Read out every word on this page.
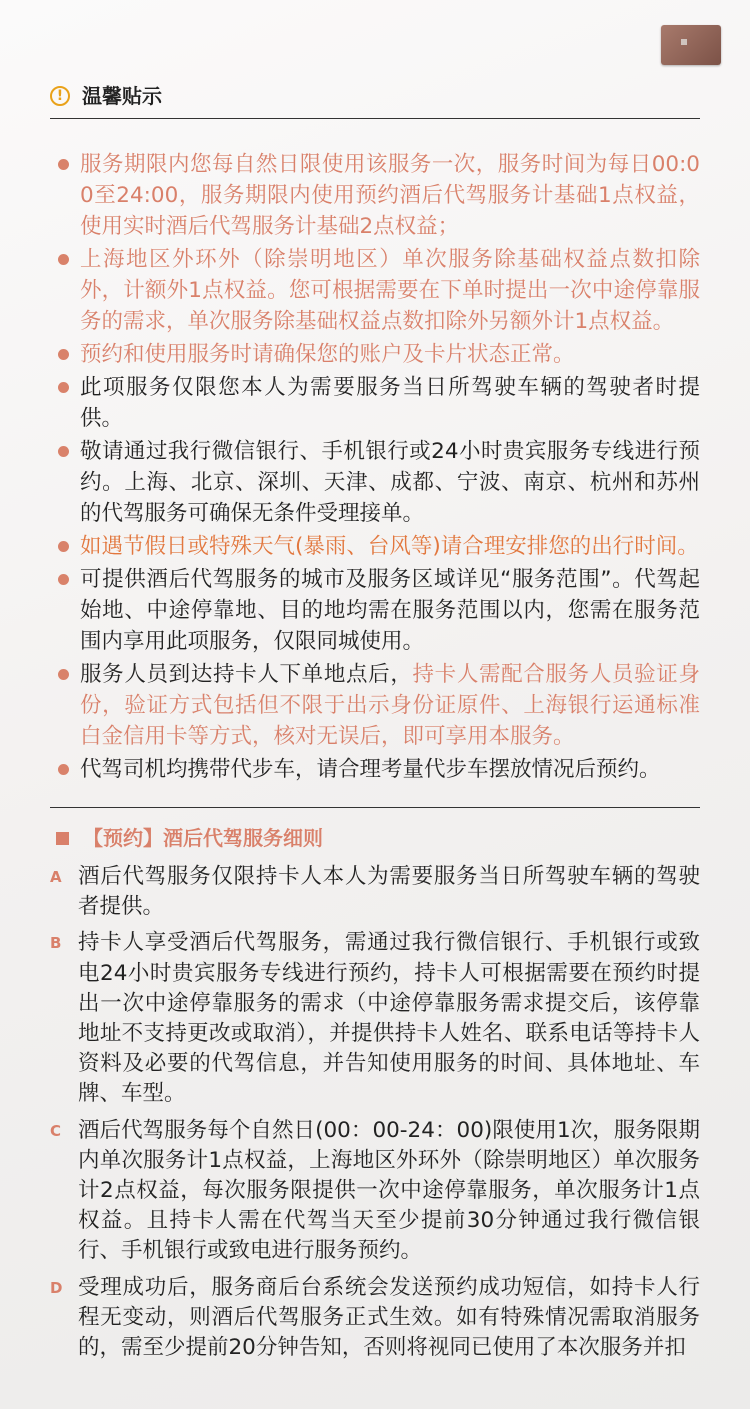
! 温馨贴示
服务期限内您每自然日限使用该服务一次，服务时间为每日00:00至24:00，服务期限内使用预约酒后代驾服务计基础1点权益，使用实时酒后代驾服务计基础2点权益；
上海地区外环外（除崇明地区）单次服务除基础权益点数扣除外，计额外1点权益。您可根据需要在下单时提出一次中途停靠服务的需求，单次服务除基础权益点数扣除外另额外计1点权益。
预约和使用服务时请确保您的账户及卡片状态正常。
此项服务仅限您本人为需要服务当日所驾驶车辆的驾驶者时提供。
敬请通过我行微信银行、手机银行或24小时贵宾服务专线进行预约。上海、北京、深圳、天津、成都、宁波、南京、杭州和苏州的代驾服务可确保无条件受理接单。
如遇节假日或特殊天气(暴雨、台风等)请合理安排您的出行时间。
可提供酒后代驾服务的城市及服务区域详见“服务范围”。代驾起始地、中途停靠地、目的地均需在服务范围以内，您需在服务范围内享用此项服务，仅限同城使用。
服务人员到达持卡人下单地点后，持卡人需配合服务人员验证身份，验证方式包括但不限于出示身份证原件、上海银行运通标准白金信用卡等方式，核对无误后，即可享用本服务。
代驾司机均携带代步车，请合理考量代步车摆放情况后预约。
【预约】酒后代驾服务细则
A 酒后代驾服务仅限持卡人本人为需要服务当日所驾驶车辆的驾驶者提供。
B 持卡人享受酒后代驾服务，需通过我行微信银行、手机银行或致电24小时贵宾服务专线进行预约，持卡人可根据需要在预约时提出一次中途停靠服务的需求（中途停靠服务需求提交后，该停靠地址不支持更改或取消），并提供持卡人姓名、联系电话等持卡人资料及必要的代驾信息，并告知使用服务的时间、具体地址、车牌、车型。
C 酒后代驾服务每个自然日(00：00-24：00)限使用1次，服务限期内单次服务计1点权益，上海地区外环外（除崇明地区）单次服务计2点权益，每次服务限提供一次中途停靠服务，单次服务计1点权益。且持卡人需在代驾当天至少提前30分钟通过我行微信银行、手机银行或致电进行服务预约。
D 受理成功后，服务商后台系统会发送预约成功短信，如持卡人行程无变动，则酒后代驾服务正式生效。如有特殊情况需取消服务的，需至少提前20分钟告知，否则将视同已使用了本次服务并扣
